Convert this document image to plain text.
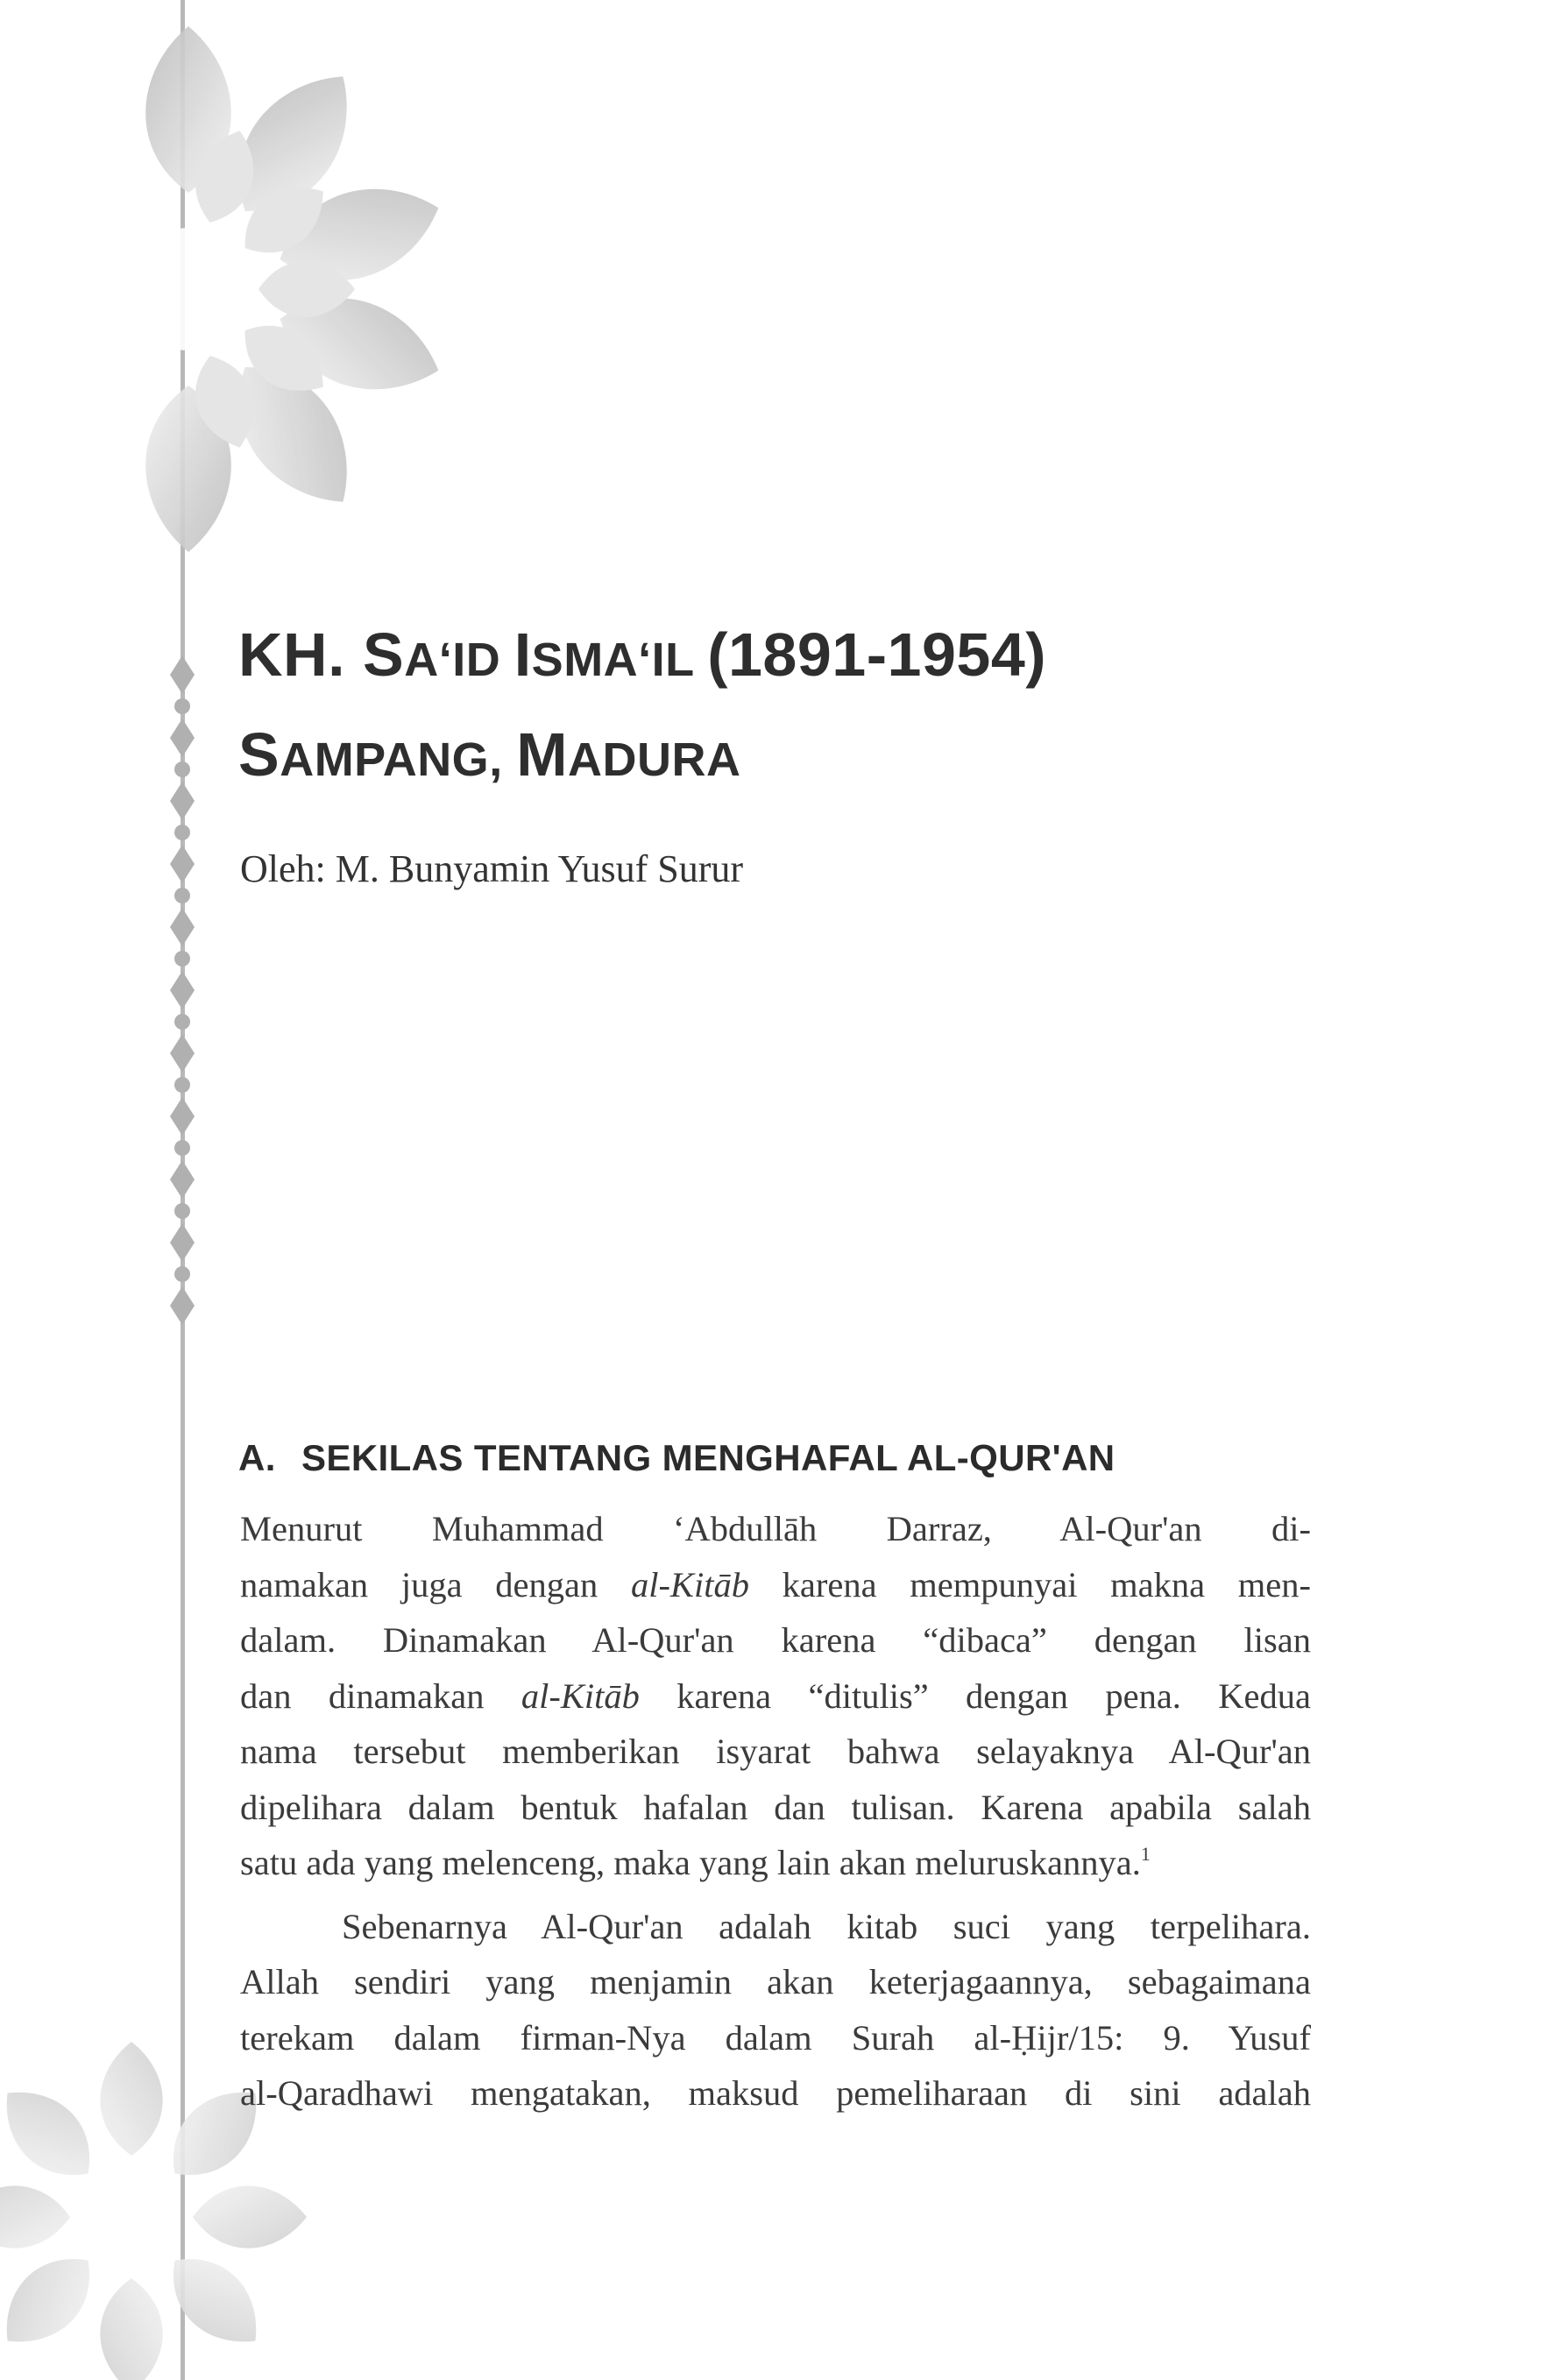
KH. SA‘ID ISMA‘IL (1891-1954)
SAMPANG, MADURA
Oleh: M. Bunyamin Yusuf Surur
A. SEKILAS TENTANG MENGHAFAL AL-QUR'AN
Menurut Muhammad ‘Abdullāh Darraz, Al-Qur'an di-
namakan juga dengan al-Kitāb karena mempunyai makna men-
dalam. Dinamakan Al-Qur'an karena “dibaca” dengan lisan
dan dinamakan al-Kitāb karena “ditulis” dengan pena. Kedua
nama tersebut memberikan isyarat bahwa selayaknya Al-Qur'an
dipelihara dalam bentuk hafalan dan tulisan. Karena apabila salah
satu ada yang melenceng, maka yang lain akan meluruskannya.$^1$
Sebenarnya Al-Qur'an adalah kitab suci yang terpelihara.
Allah sendiri yang menjamin akan keterjagaannya, sebagaimana
terekam dalam firman-Nya dalam Surah al-Ḥijr/15: 9. Yusuf
al-Qaradhawi mengatakan, maksud pemeliharaan di sini adalah
